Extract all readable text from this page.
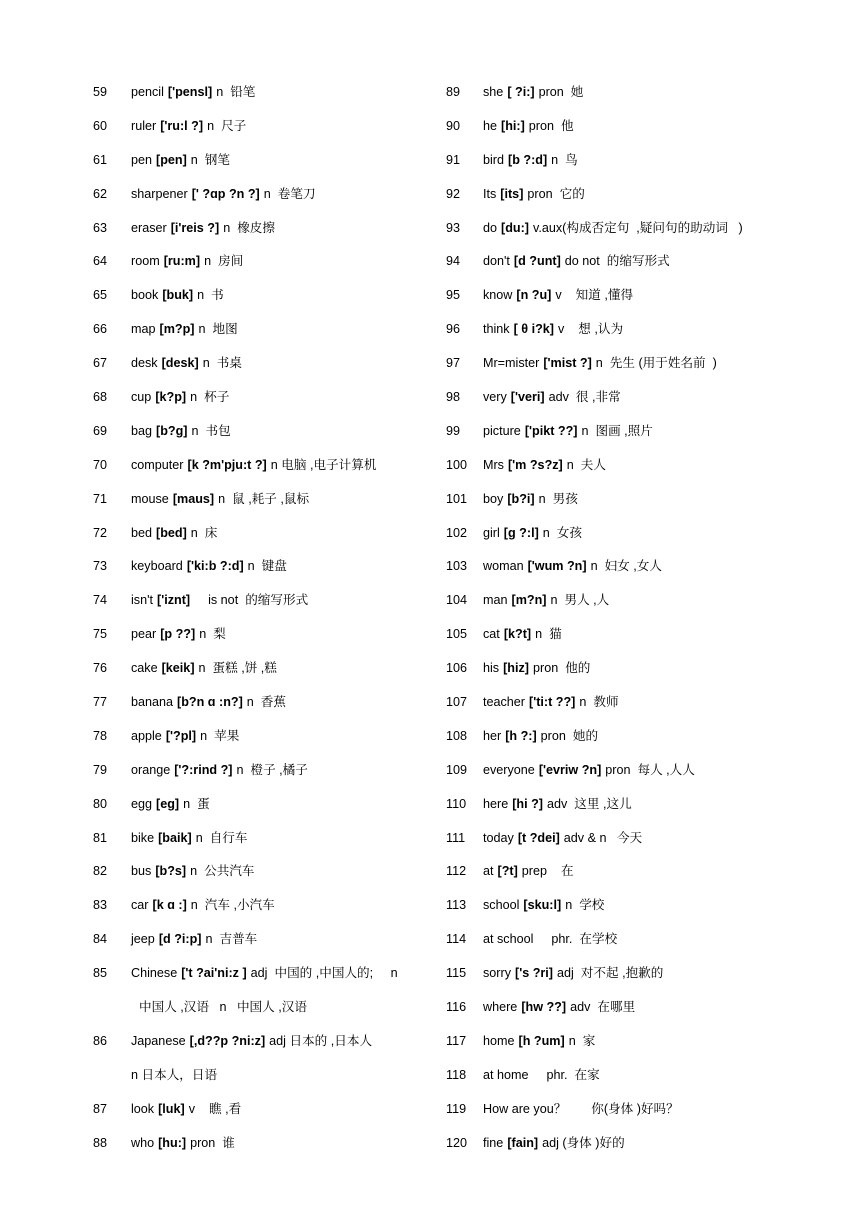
59	pencil ['pensl] n  铅笔
60	ruler ['ru:l ?] n  尺子
61	pen [pen] n  钢笔
62	sharpener [' ?ɑp ?n ?] n  卷笔刀
63	eraser [i'reis ?] n  橡皮擦
64	room [ru:m] n  房间
65	book [buk] n  书
66	map [m?p] n  地图
67	desk [desk] n  书桌
68	cup [k?p] n  杯子
69	bag [b?g] n  书包
70	computer [k ?m'pju:t ?] n 电脑 ,电子计算机
71	mouse [maus] n  鼠 ,耗子 ,鼠标
72	bed [bed] n  床
73	keyboard ['ki:b ?:d] n  键盘
74	isn't ['iznt]    is not  的缩写形式
75	pear [p ??] n  梨
76	cake [keik] n  蛋糕 ,饼 ,糕
77	banana [b?n ɑ :n?] n  香蕉
78	apple ['?pl] n  苹果
79	orange ['?:rind ?] n  橙子 ,橘子
80	egg [eg] n  蛋
81	bike [baik] n  自行车
82	bus [b?s] n  公共汽车
83	car [k ɑ :] n  汽车 ,小汽车
84	jeep [d ?i:p] n  吉普车
85	Chinese ['t ?ai'ni:z ] adj  中国的 ,中国人的;     n
中国人 ,汉语   n   中国人 ,汉语
86	Japanese [,d??p ?ni:z] adj 日本的 ,日本人
n 日本人，日语
87	look [luk] v    瞧 ,看
88	who [hu:] pron  谁
89	she [ ?i:] pron  她
90	he [hi:] pron  他
91	bird [b ?:d] n  鸟
92	Its [its] pron  它的
93	do [du:] v.aux(构成否定句  ,疑问句的助动词   )
94	don't [d ?unt] do not  的缩写形式
95	know [n ?u] v    知道 ,懂得
96	think [ θ i?k] v    想 ,认为
97	Mr=mister ['mist ?] n  先生 (用于姓名前  )
98	very ['veri] adv  很 ,非常
99	picture ['pikt ??] n  图画 ,照片
100	Mrs ['m ?s?z] n  夫人
101	boy [b?i] n  男孩
102	girl [g ?:l] n  女孩
103	woman ['wum ?n] n  妇女 ,女人
104	man [m?n] n  男人 ,人
105	cat [k?t] n  猫
106	his [hiz] pron  他的
107	teacher ['ti:t ??] n  教师
108	her [h ?:] pron  她的
109	everyone ['evriw ?n] pron  每人 ,人人
110	here [hi ?] adv  这里 ,这儿
111	today [t ?dei] adv & n   今天
112	at [?t] prep    在
113	school [sku:l] n  学校
114	at school    phr.  在学校
115	sorry ['s ?ri] adj  对不起 ,抱歉的
116	where [hw ??] adv  在哪里
117	home [h ?um] n  家
118	at home    phr.  在家
119	How are you？      你(身体 )好吗？
120	fine [fain] adj (身体 )好的
